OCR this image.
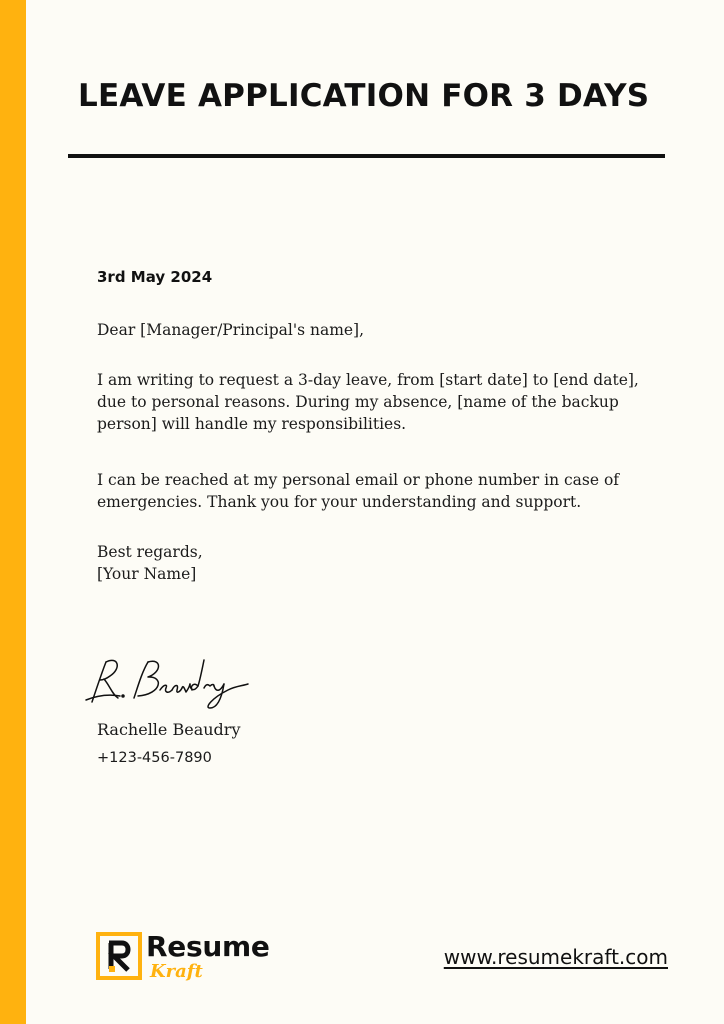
LEAVE APPLICATION FOR 3 DAYS
3rd May 2024
Dear [Manager/Principal's name],
I am writing to request a 3-day leave, from [start date] to [end date], due to personal reasons. During my absence, [name of the backup person] will handle my responsibilities.
I can be reached at my personal email or phone number in case of emergencies. Thank you for your understanding and support.
Best regards,
[Your Name]
Rachelle Beaudry
+123-456-7890
Resume
Kraft
www.resumekraft.com
